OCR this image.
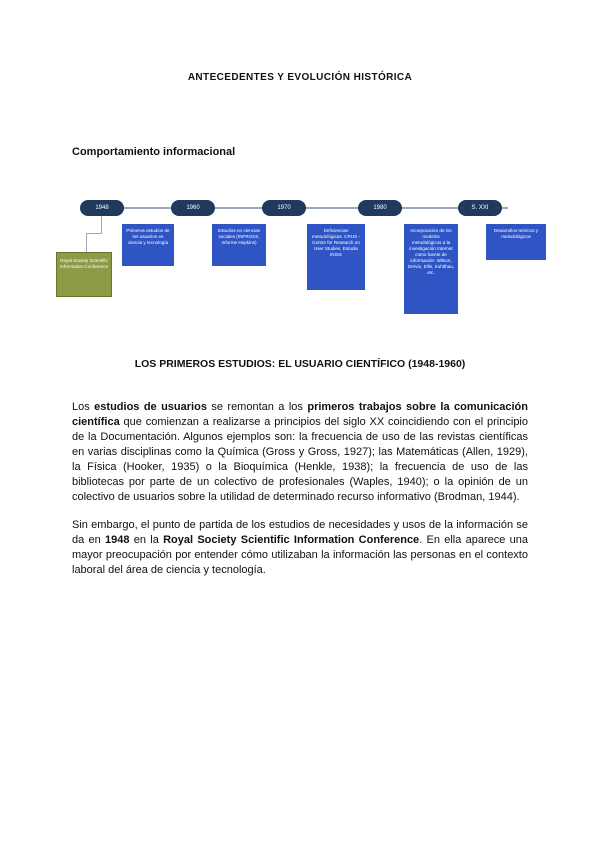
ANTECEDENTES Y EVOLUCIÓN HISTÓRICA
Comportamiento informacional
1948	1960	1970	1980	S. XXI
Royal Society Scientific Information Conference
Primeros estudios de los usuarios en ciencia y tecnología
Estudios en ciencias sociales (INFROSS, Informe Hopkins)
Deficiencias metodológicas. CRUS - Centre for Research on User Studies, Estudio INISS
Incorporación de los modelos metodológicos a la investigación Internet como fuente de información. Wilson, Dervin, Ellis, Kuhlthau, etc.
Desarrollos teóricos y metodológicos
LOS PRIMEROS ESTUDIOS: EL USUARIO CIENTÍFICO (1948-1960)
Los estudios de usuarios se remontan a los primeros trabajos sobre la comunicación científica que comienzan a realizarse a principios del siglo XX coincidiendo con el principio de la Documentación. Algunos ejemplos son: la frecuencia de uso de las revistas científicas en varias disciplinas como la Química (Gross y Gross, 1927); las Matemáticas (Allen, 1929), la Física (Hooker, 1935) o la Bioquímica (Henkle, 1938); la frecuencia de uso de las bibliotecas por parte de un colectivo de profesionales (Waples, 1940); o la opinión de un colectivo de usuarios sobre la utilidad de determinado recurso informativo (Brodman, 1944).
Sin embargo, el punto de partida de los estudios de necesidades y usos de la información se da en 1948 en la Royal Society Scientific Information Conference. En ella aparece una mayor preocupación por entender cómo utilizaban la información las personas en el contexto laboral del área de ciencia y tecnología.
